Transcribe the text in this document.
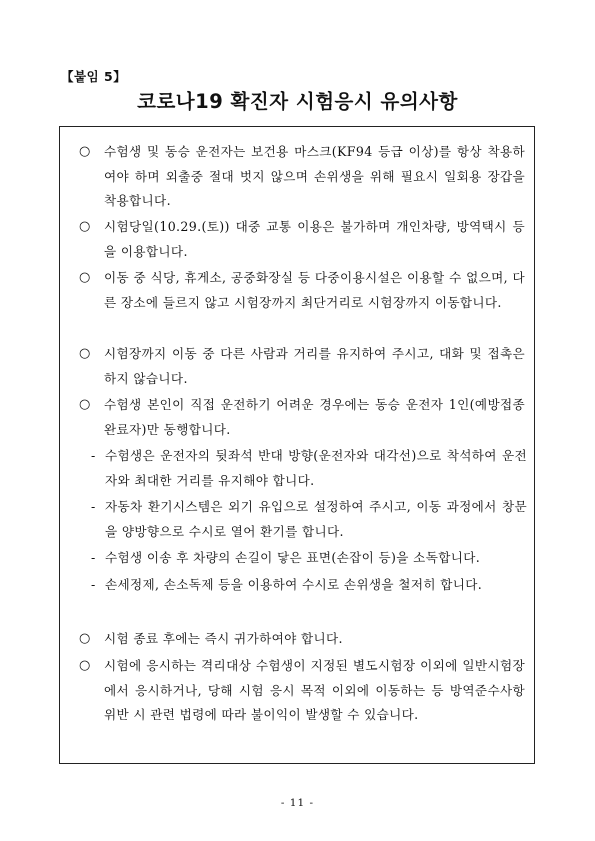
【붙임 5】
코로나19 확진자 시험응시 유의사항
○	수험생 및 동승 운전자는 보건용 마스크(KF94 등급 이상)를 항상 착용하여야 하며 외출중 절대 벗지 않으며 손위생을 위해 필요시 일회용 장갑을 착용합니다.
○	시험당일(10.29.(토)) 대중 교통 이용은 불가하며 개인차량, 방역택시 등을 이용합니다.
○	이동 중 식당, 휴게소, 공중화장실 등 다중이용시설은 이용할 수 없으며, 다른 장소에 들르지 않고 시험장까지 최단거리로 시험장까지 이동합니다.
○	시험장까지 이동 중 다른 사람과 거리를 유지하여 주시고, 대화 및 접촉은 하지 않습니다.
○	수험생 본인이 직접 운전하기 어려운 경우에는 동승 운전자 1인(예방접종 완료자)만 동행합니다.
- 수험생은 운전자의 뒷좌석 반대 방향(운전자와 대각선)으로 착석하여 운전자와 최대한 거리를 유지해야 합니다.
- 자동차 환기시스템은 외기 유입으로 설정하여 주시고, 이동 과정에서 창문을 양방향으로 수시로 열어 환기를 합니다.
- 수험생 이송 후 차량의 손길이 닿은 표면(손잡이 등)을 소독합니다.
- 손세정제, 손소독제 등을 이용하여 수시로 손위생을 철저히 합니다.
○	시험 종료 후에는 즉시 귀가하여야 합니다.
○	시험에 응시하는 격리대상 수험생이 지정된 별도시험장 이외에 일반시험장에서 응시하거나, 당해 시험 응시 목적 이외에 이동하는 등 방역준수사항 위반 시 관련 법령에 따라 불이익이 발생할 수 있습니다.
- 11 -
